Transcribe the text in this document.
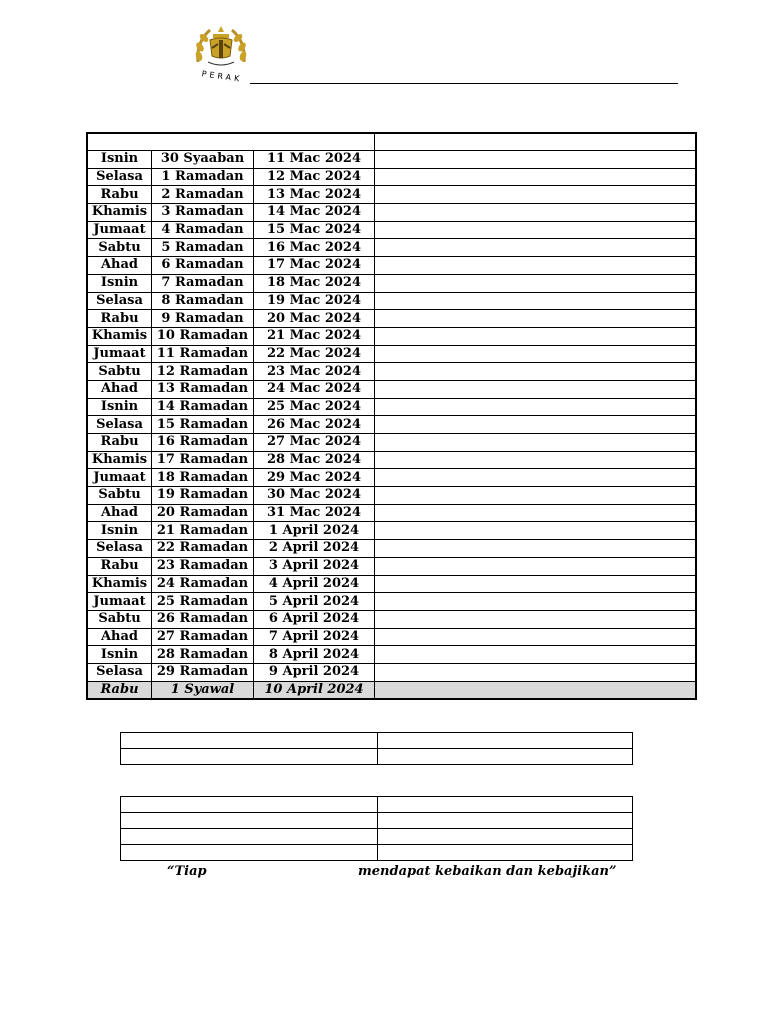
PERAK

Isnin	30 Syaaban	11 Mac 2024	
Selasa	1 Ramadan	12 Mac 2024	
Rabu	2 Ramadan	13 Mac 2024	
Khamis	3 Ramadan	14 Mac 2024	
Jumaat	4 Ramadan	15 Mac 2024	
Sabtu	5 Ramadan	16 Mac 2024	
Ahad	6 Ramadan	17 Mac 2024	
Isnin	7 Ramadan	18 Mac 2024	
Selasa	8 Ramadan	19 Mac 2024	
Rabu	9 Ramadan	20 Mac 2024	
Khamis	10 Ramadan	21 Mac 2024	
Jumaat	11 Ramadan	22 Mac 2024	
Sabtu	12 Ramadan	23 Mac 2024	
Ahad	13 Ramadan	24 Mac 2024	
Isnin	14 Ramadan	25 Mac 2024	
Selasa	15 Ramadan	26 Mac 2024	
Rabu	16 Ramadan	27 Mac 2024	
Khamis	17 Ramadan	28 Mac 2024	
Jumaat	18 Ramadan	29 Mac 2024	
Sabtu	19 Ramadan	30 Mac 2024	
Ahad	20 Ramadan	31 Mac 2024	
Isnin	21 Ramadan	1 April 2024	
Selasa	22 Ramadan	2 April 2024	
Rabu	23 Ramadan	3 April 2024	
Khamis	24 Ramadan	4 April 2024	
Jumaat	25 Ramadan	5 April 2024	
Sabtu	26 Ramadan	6 April 2024	
Ahad	27 Ramadan	7 April 2024	
Isnin	28 Ramadan	8 April 2024	
Selasa	29 Ramadan	9 April 2024	
Rabu	1 Syawal	10 April 2024	

“Tiap	mendapat kebaikan dan kebajikan”
